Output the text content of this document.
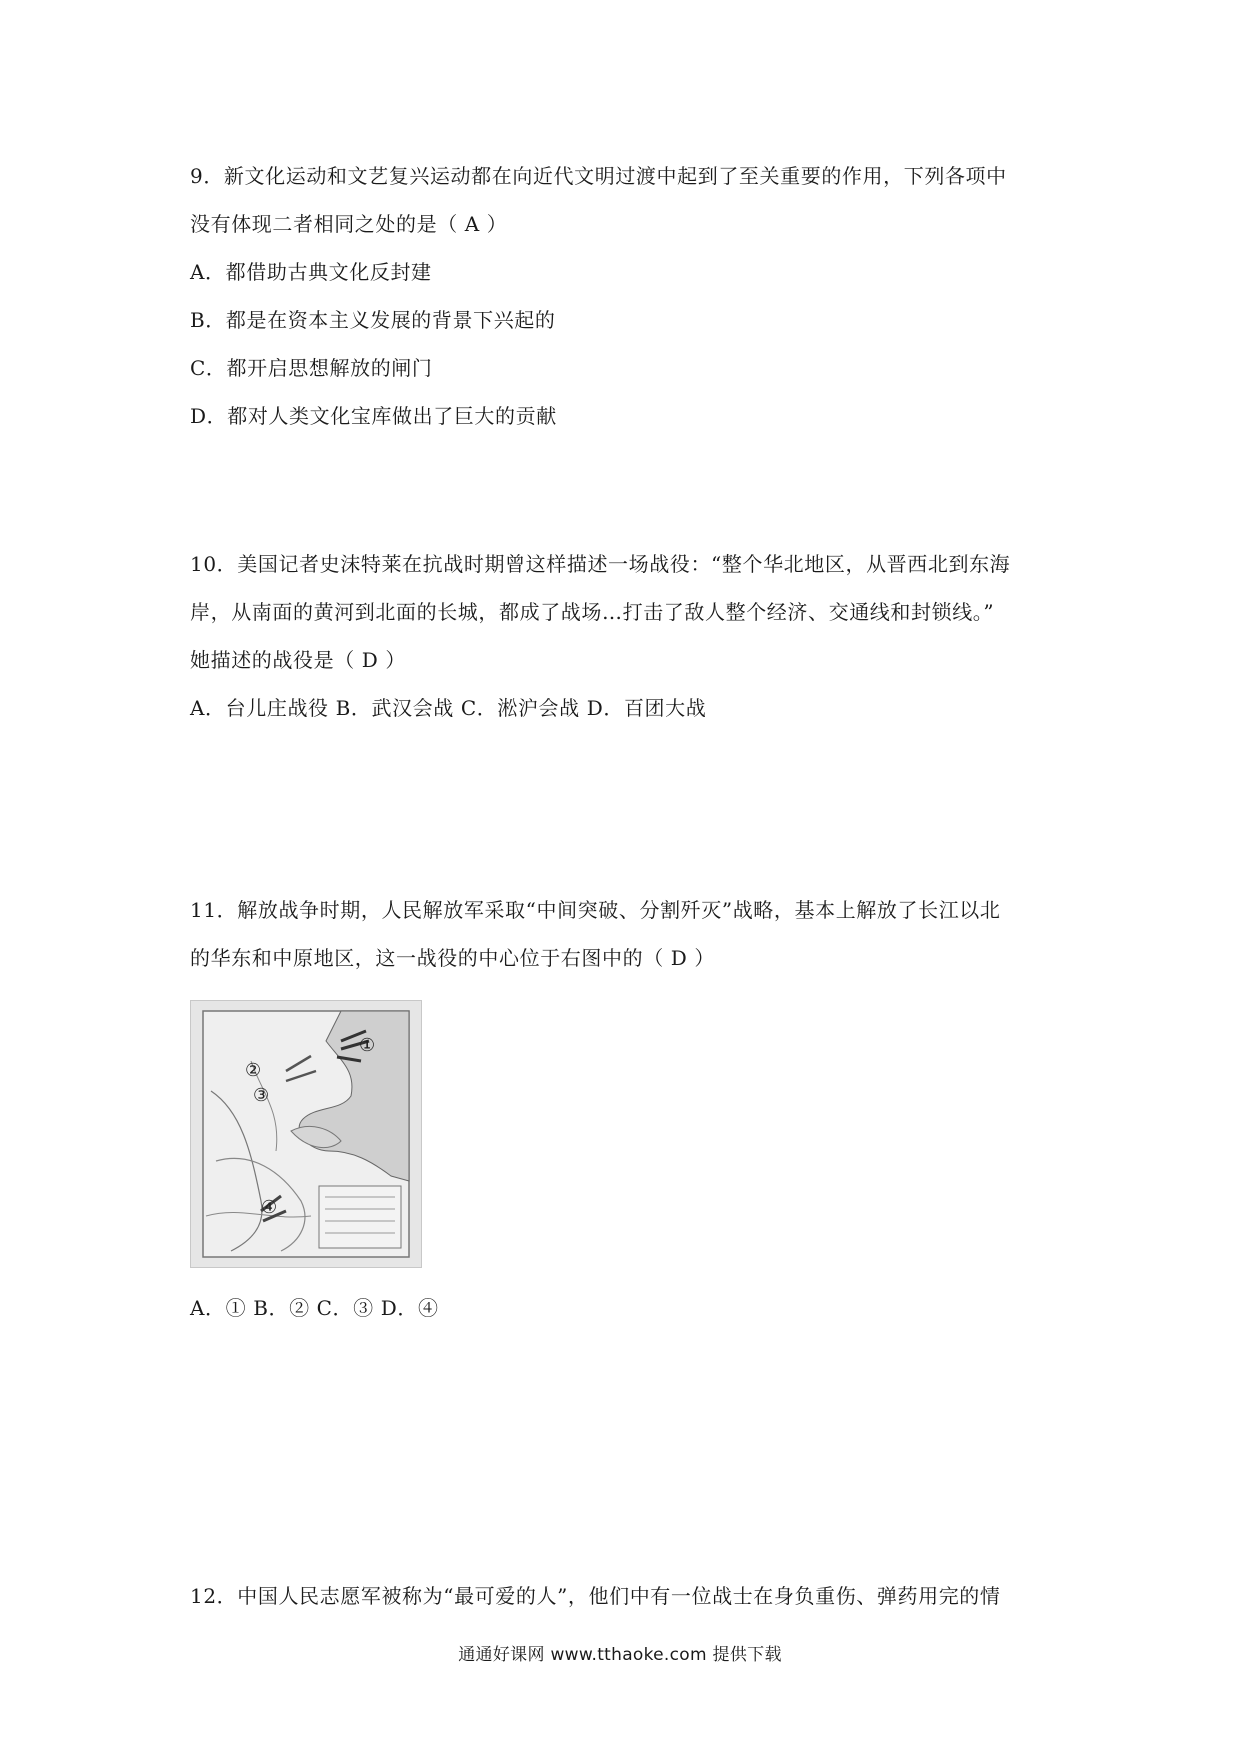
9．新文化运动和文艺复兴运动都在向近代文明过渡中起到了至关重要的作用，下列各项中
没有体现二者相同之处的是（ A ）
A．都借助古典文化反封建
B．都是在资本主义发展的背景下兴起的
C．都开启思想解放的闸门
D．都对人类文化宝库做出了巨大的贡献
10．美国记者史沫特莱在抗战时期曾这样描述一场战役：“整个华北地区，从晋西北到东海
岸，从南面的黄河到北面的长城，都成了战场…打击了敌人整个经济、交通线和封锁线。”
她描述的战役是（ D ）
A．台儿庄战役 B．武汉会战 C．淞沪会战 D．百团大战
11．解放战争时期，人民解放军采取“中间突破、分割歼灭”战略，基本上解放了长江以北
的华东和中原地区，这一战役的中心位于右图中的（ D ）
①
②
③
④
A．① B．② C．③ D．④
12．中国人民志愿军被称为“最可爱的人”，他们中有一位战士在身负重伤、弹药用完的情
通通好课网 www.tthaoke.com 提供下载
